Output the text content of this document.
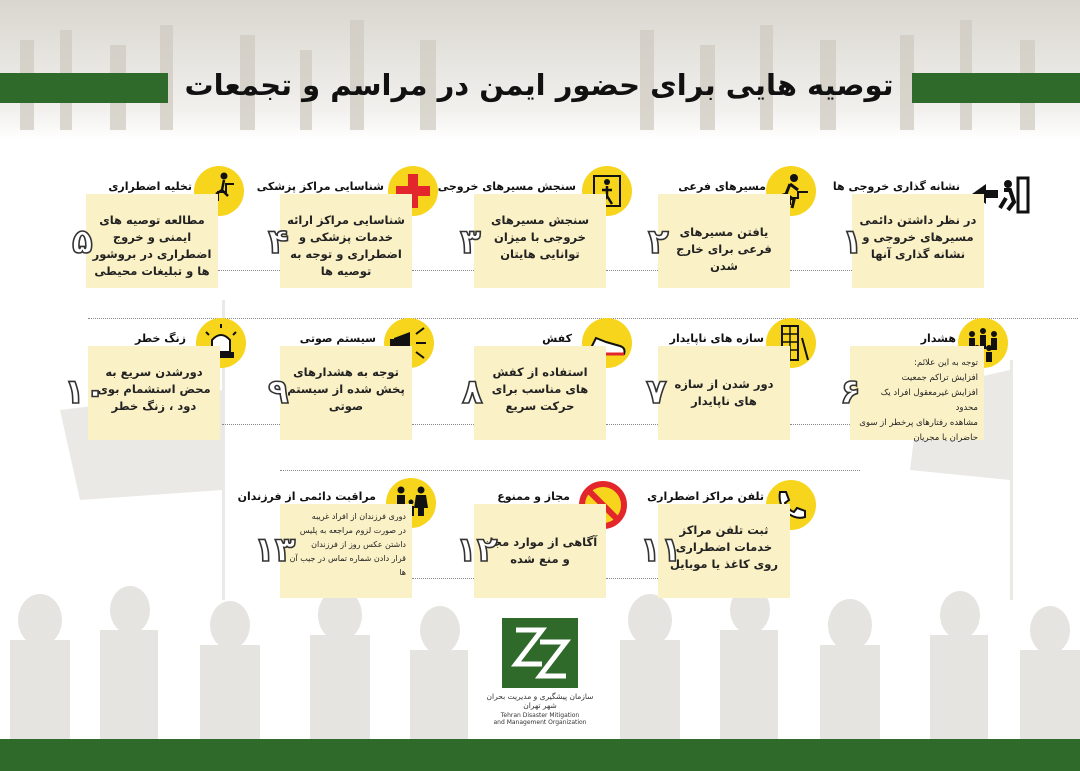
توصیه هایی برای حضور ایمن در مراسم و تجمعات
نشانه گذاری خروجی ها
در نظر داشتن دائمی مسیرهای خروجی و نشانه گذاری آنها
۱
مسیرهای فرعی
یافتن مسیرهای فرعی برای خارج شدن
۲
سنجش مسیرهای خروجی
سنجش مسیرهای خروجی با میزان توانایی هایتان
۳
شناسایی مراکز پزشکی
شناسایی مراکز ارائه خدمات پزشکی و اضطراری و توجه به توصیه ها
۴
تخلیه اضطراری
مطالعه توصیه های ایمنی و خروج اضطراری در بروشور ها و تبلیغات محیطی
۵
هشدار
توجه به این علائم:
افزایش تراکم جمعیت
افزایش غیرمعقول افراد یک محدود
مشاهده رفتارهای پرخطر از سوی حاضران یا مجریان
۶
سازه های ناپایدار
دور شدن از سازه های ناپایدار
۷
کفش
استفاده از کفش های مناسب برای حرکت سریع
۸
سیستم صوتی
توجه به هشدارهای پخش شده از سیستم صوتی
۹
زنگ خطر
دورشدن سریع به محض استشمام بوی دود ، زنگ خطر
۱۰
تلفن مراکز اضطراری
ثبت تلفن مراکز خدمات اضطراری روی کاغذ یا موبایل
۱۱
مجاز و ممنوع
آگاهی از موارد مجاز و منع شده
۱۲
مراقبت دائمی از فرزندان
دوری فرزندان از افراد غریبه
در صورت لزوم مراجعه به پلیس
داشتن عکس روز از فرزندان
قرار دادن شماره تماس در جیب آن ها
۱۳
سازمان پیشگیری و مدیریت بحران شهر تهران
Tehran Disaster Mitigation
and Management Organization
